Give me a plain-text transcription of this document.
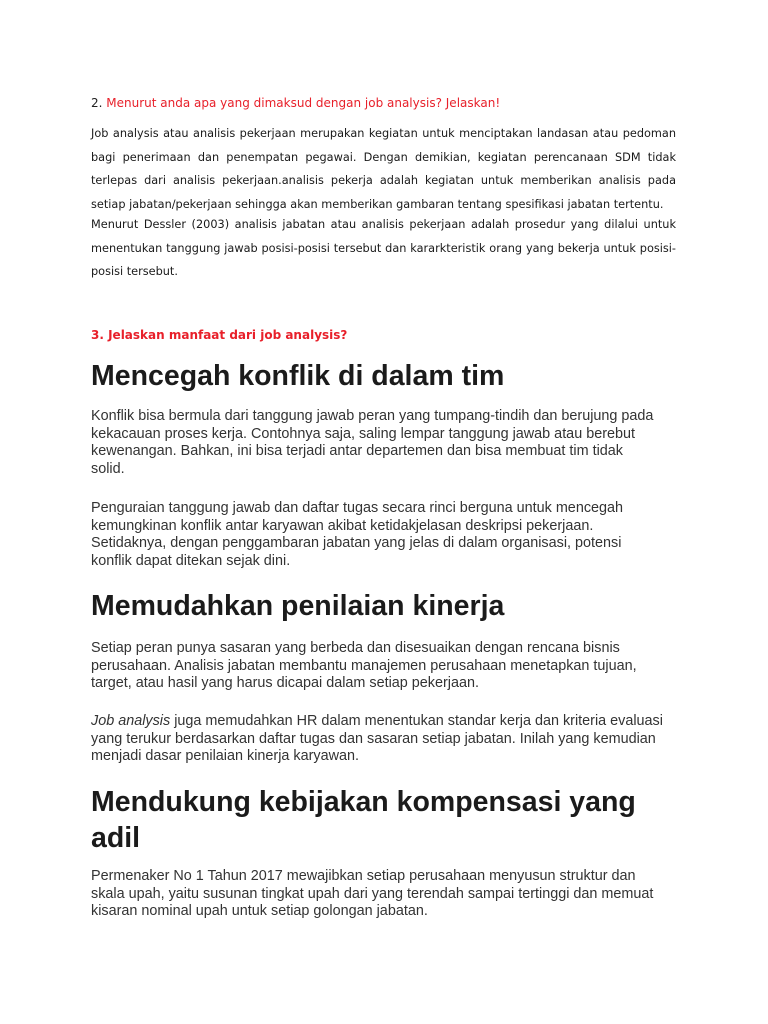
2. Menurut anda apa yang dimaksud dengan job analysis? Jelaskan!

Job analysis atau analisis pekerjaan merupakan kegiatan untuk menciptakan landasan atau pedoman bagi penerimaan dan penempatan pegawai. Dengan demikian, kegiatan perencanaan SDM tidak terlepas dari analisis pekerjaan.analisis pekerja adalah kegiatan untuk memberikan analisis pada setiap jabatan/pekerjaan sehingga akan memberikan gambaran tentang spesifikasi jabatan tertentu.

Menurut Dessler (2003) analisis jabatan atau analisis pekerjaan adalah prosedur yang dilalui untuk menentukan tanggung jawab posisi-posisi tersebut dan kararkteristik orang yang bekerja untuk posisi-posisi tersebut.

3. Jelaskan manfaat dari job analysis?

Mencegah konflik di dalam tim

Konflik bisa bermula dari tanggung jawab peran yang tumpang-tindih dan berujung pada kekacauan proses kerja. Contohnya saja, saling lempar tanggung jawab atau berebut kewenangan. Bahkan, ini bisa terjadi antar departemen dan bisa membuat tim tidak solid.

Penguraian tanggung jawab dan daftar tugas secara rinci berguna untuk mencegah kemungkinan konflik antar karyawan akibat ketidakjelasan deskripsi pekerjaan. Setidaknya, dengan penggambaran jabatan yang jelas di dalam organisasi, potensi konflik dapat ditekan sejak dini.

Memudahkan penilaian kinerja

Setiap peran punya sasaran yang berbeda dan disesuaikan dengan rencana bisnis perusahaan. Analisis jabatan membantu manajemen perusahaan menetapkan tujuan, target, atau hasil yang harus dicapai dalam setiap pekerjaan.

Job analysis juga memudahkan HR dalam menentukan standar kerja dan kriteria evaluasi yang terukur berdasarkan daftar tugas dan sasaran setiap jabatan. Inilah yang kemudian menjadi dasar penilaian kinerja karyawan.

Mendukung kebijakan kompensasi yang adil

Permenaker No 1 Tahun 2017 mewajibkan setiap perusahaan menyusun struktur dan skala upah, yaitu susunan tingkat upah dari yang terendah sampai tertinggi dan memuat kisaran nominal upah untuk setiap golongan jabatan.
